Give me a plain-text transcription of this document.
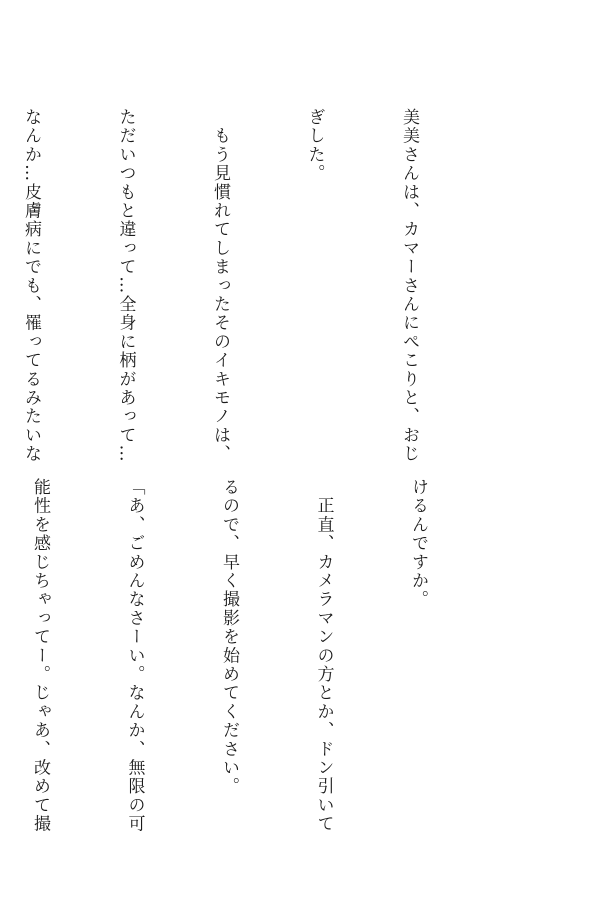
美美さんは、カマーさんにぺこりと、おじ

ぎした。

　もう見慣れてしまったそのイキモノは、

ただいつもと違って…全身に柄があって…

なんか…皮膚病にでも、罹ってるみたいな

けるんですか。

　正直、カメラマンの方とか、ドン引いて

るので、早く撮影を始めてください。

「あ、ごめんなさーい。なんか、無限の可

能性を感じちゃってー。じゃあ、改めて撮
